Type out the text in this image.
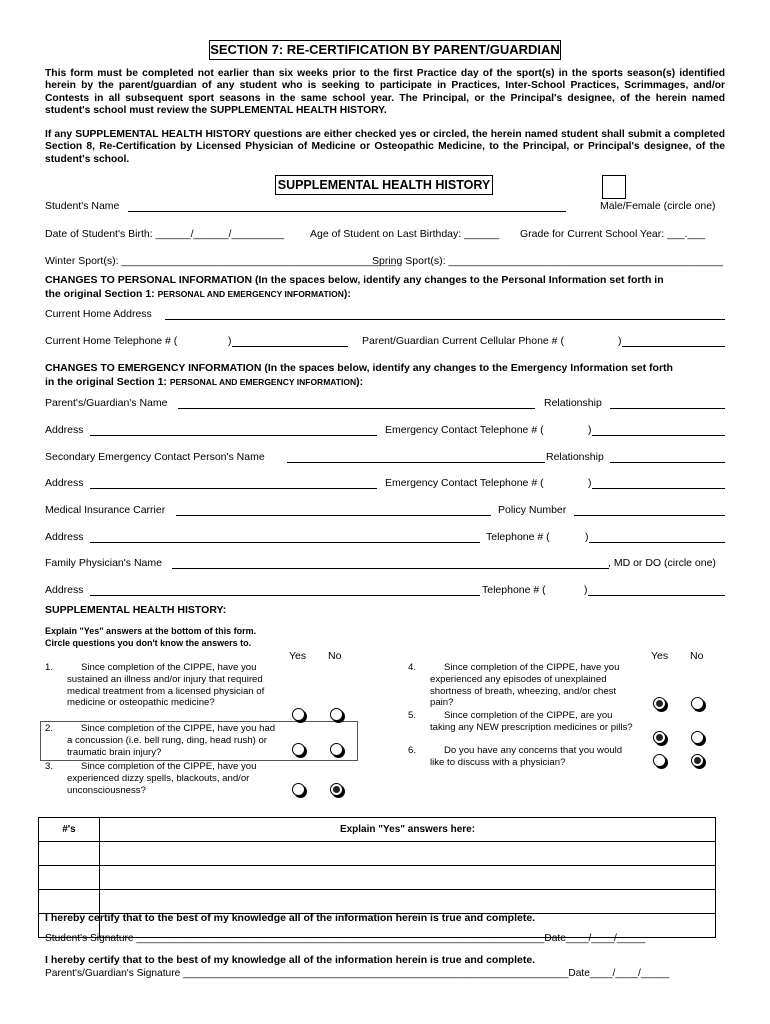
SECTION 7: RE-CERTIFICATION BY PARENT/GUARDIAN
This form must be completed not earlier than six weeks prior to the first Practice day of the sport(s) in the sports season(s) identified herein by the parent/guardian of any student who is seeking to participate in Practices, Inter-School Practices, Scrimmages, and/or Contests in all subsequent sport seasons in the same school year. The Principal, or the Principal's designee, of the herein named student's school must review the SUPPLEMENTAL HEALTH HISTORY.
If any SUPPLEMENTAL HEALTH HISTORY questions are either checked yes or circled, the herein named student shall submit a completed Section 8, Re-Certification by Licensed Physician of Medicine or Osteopathic Medicine, to the Principal, or Principal's designee, of the student's school.
SUPPLEMENTAL HEALTH HISTORY
Student's Name	Male/Female (circle one)
Date of Student's Birth: ______/______/_________ Age of Student on Last Birthday: ______ Grade for Current School Year: ___.___
Winter Sport(s): _______________________________________________
Spring Sport(s): _______________________________________________
CHANGES TO PERSONAL INFORMATION (In the spaces below, identify any changes to the Personal Information set forth in
the original Section 1: PERSONAL AND EMERGENCY INFORMATION):
Current Home Address
Current Home Telephone # (	)	Parent/Guardian Current Cellular Phone # (	)
CHANGES TO EMERGENCY INFORMATION (In the spaces below, identify any changes to the Emergency Information set forth
in the original Section 1: PERSONAL AND EMERGENCY INFORMATION):
Parent's/Guardian's Name	Relationship
Address	Emergency Contact Telephone # (	)
Secondary Emergency Contact Person's Name	Relationship
Address	Emergency Contact Telephone # (	)
Medical Insurance Carrier	Policy Number
Address	Telephone # (	)
Family Physician's Name	, MD or DO (circle one)
Address	Telephone # (	)
SUPPLEMENTAL HEALTH HISTORY:
Explain "Yes" answers at the bottom of this form.
Circle questions you don't know the answers to.
Yes No	Yes No
1.	Since completion of the CIPPE, have you sustained an illness and/or injury that required medical treatment from a licensed physician of medicine or osteopathic medicine?
2.	Since completion of the CIPPE, have you had a concussion (i.e. bell rung, ding, head rush) or traumatic brain injury?
3.	Since completion of the CIPPE, have you experienced dizzy spells, blackouts, and/or unconsciousness?
4.	Since completion of the CIPPE, have you experienced any episodes of unexplained shortness of breath, wheezing, and/or chest pain?
5.	Since completion of the CIPPE, are you taking any NEW prescription medicines or pills?
6.	Do you have any concerns that you would like to discuss with a physician?
#'s	Explain "Yes" answers here:

I hereby certify that to the best of my knowledge all of the information herein is true and complete.
Student's Signature ________________________________________________________________________Date____/____/_____
I hereby certify that to the best of my knowledge all of the information herein is true and complete.
Parent's/Guardian's Signature ____________________________________________________________________Date____/____/_____
